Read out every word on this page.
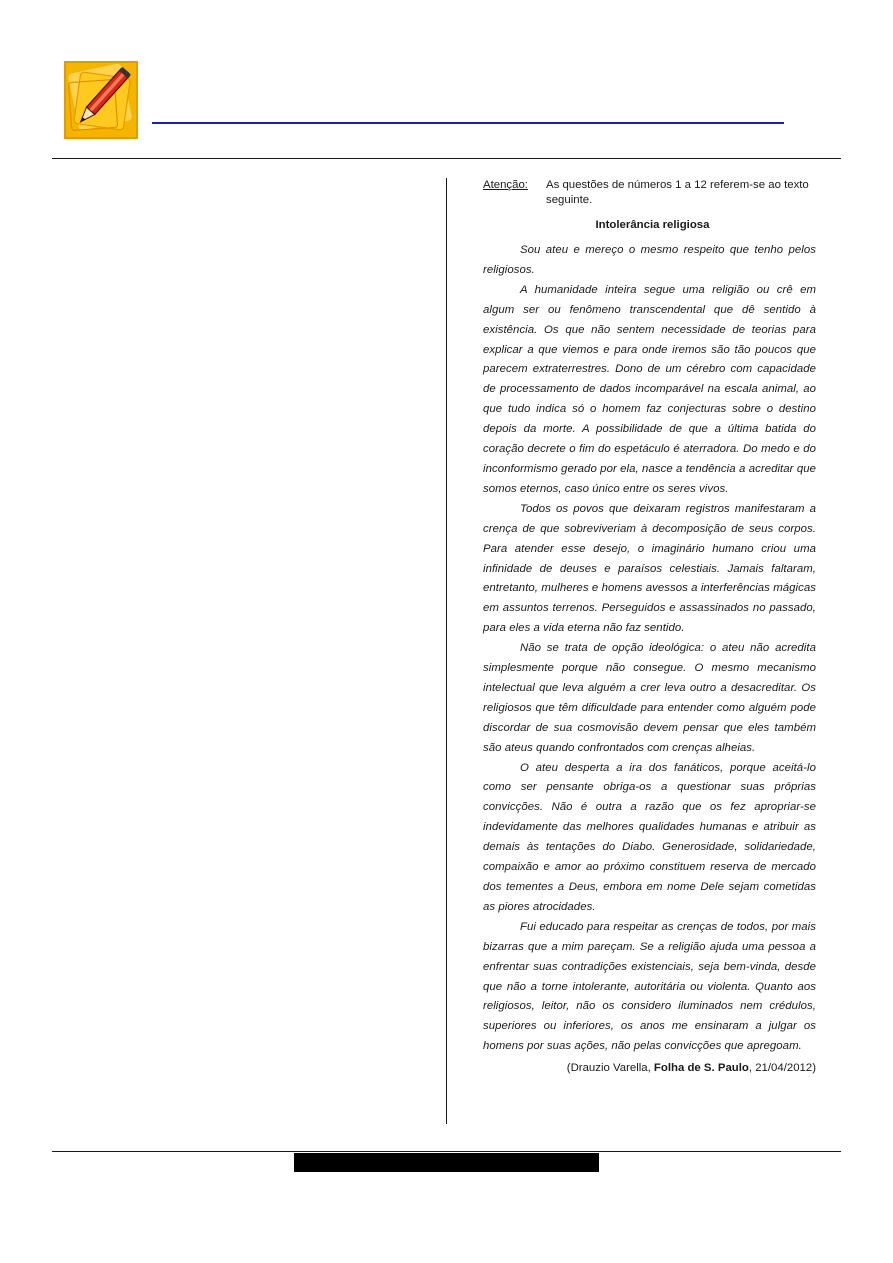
Atenção:	As questões de números 1 a 12 referem-se ao texto seguinte.
Intolerância religiosa

Sou ateu e mereço o mesmo respeito que tenho pelos religiosos.

A humanidade inteira segue uma religião ou crê em algum ser ou fenômeno transcendental que dê sentido à existência. Os que não sentem necessidade de teorias para explicar a que viemos e para onde iremos são tão poucos que parecem extraterrestres. Dono de um cérebro com capacidade de processamento de dados incomparável na escala animal, ao que tudo indica só o homem faz conjecturas sobre o destino depois da morte. A possibilidade de que a última batida do coração decrete o fim do espetáculo é aterradora. Do medo e do inconformismo gerado por ela, nasce a tendência a acreditar que somos eternos, caso único entre os seres vivos.

Todos os povos que deixaram registros manifestaram a crença de que sobreviveriam à decomposição de seus corpos. Para atender esse desejo, o imaginário humano criou uma infinidade de deuses e paraísos celestiais. Jamais faltaram, entretanto, mulheres e homens avessos a interferências mágicas em assuntos terrenos. Perseguidos e assassinados no passado, para eles a vida eterna não faz sentido.

Não se trata de opção ideológica: o ateu não acredita simplesmente porque não consegue. O mesmo mecanismo intelectual que leva alguém a crer leva outro a desacreditar. Os religiosos que têm dificuldade para entender como alguém pode discordar de sua cosmovisão devem pensar que eles também são ateus quando confrontados com crenças alheias.

O ateu desperta a ira dos fanáticos, porque aceitá-lo como ser pensante obriga-os a questionar suas próprias convicções. Não é outra a razão que os fez apropriar-se indevidamente das melhores qualidades humanas e atribuir as demais às tentações do Diabo. Generosidade, solidariedade, compaixão e amor ao próximo constituem reserva de mercado dos tementes a Deus, embora em nome Dele sejam cometidas as piores atrocidades.

Fui educado para respeitar as crenças de todos, por mais bizarras que a mim pareçam. Se a religião ajuda uma pessoa a enfrentar suas contradições existenciais, seja bem-vinda, desde que não a torne intolerante, autoritária ou violenta. Quanto aos religiosos, leitor, não os considero iluminados nem crédulos, superiores ou inferiores, os anos me ensinaram a julgar os homens por suas ações, não pelas convicções que apregoam.

(Drauzio Varella, Folha de S. Paulo, 21/04/2012)
